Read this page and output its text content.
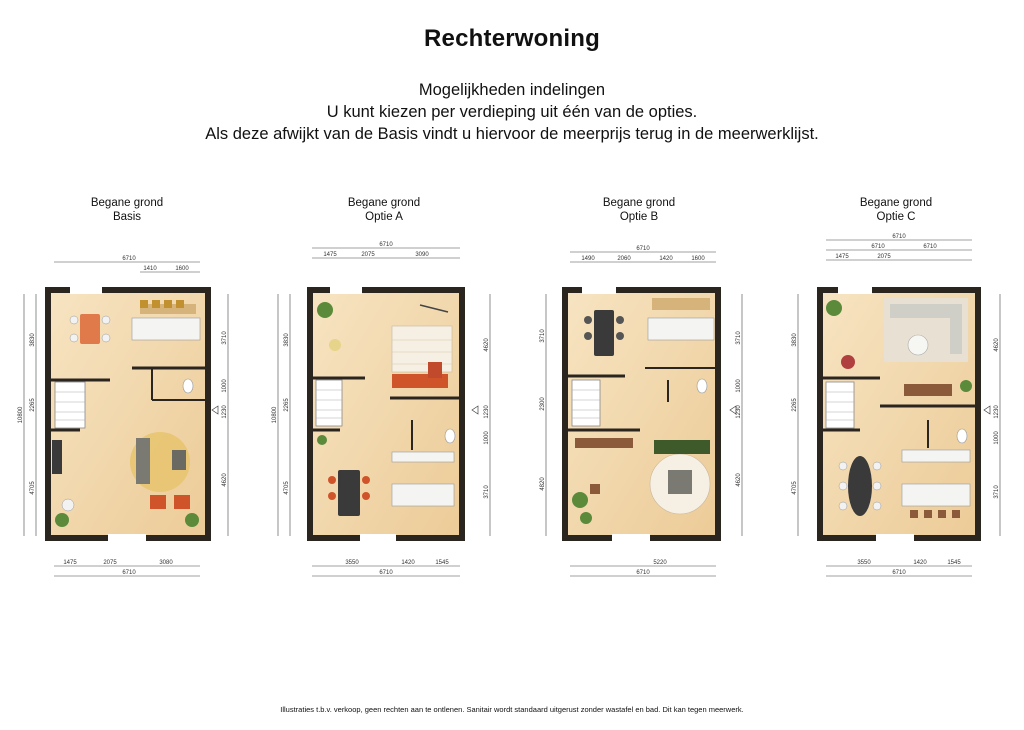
Rechterwoning
Mogelijkheden indelingen
U kunt kiezen per verdieping uit één van de opties.
Als deze afwijkt van de Basis vindt u hiervoor de meerprijs terug in de meerwerklijst.
Begane grond
Basis
Begane grond
Optie A
Begane grond
Optie B
Begane grond
Optie C
6710
1410	1600
1475	2075	3080
6710
10800
3830
2265
4705
3710
1000
1230
4620
6710
1475	2075	3090
3550	1420	1545
6710
10800
3830
2265
4705
4620
1230
1000
3710
6710
1490	2060	1420	1600
5220
6710
3710
2300
4820
3710
1000
1230
4620
6710
6710	6710
1475	2075
3550	1420	1545
6710
3830
2265
4705
4620
1230
1000
3710
Illustraties t.b.v. verkoop, geen rechten aan te ontlenen. Sanitair wordt standaard uitgerust zonder wastafel en bad. Dit kan tegen meerwerk.
